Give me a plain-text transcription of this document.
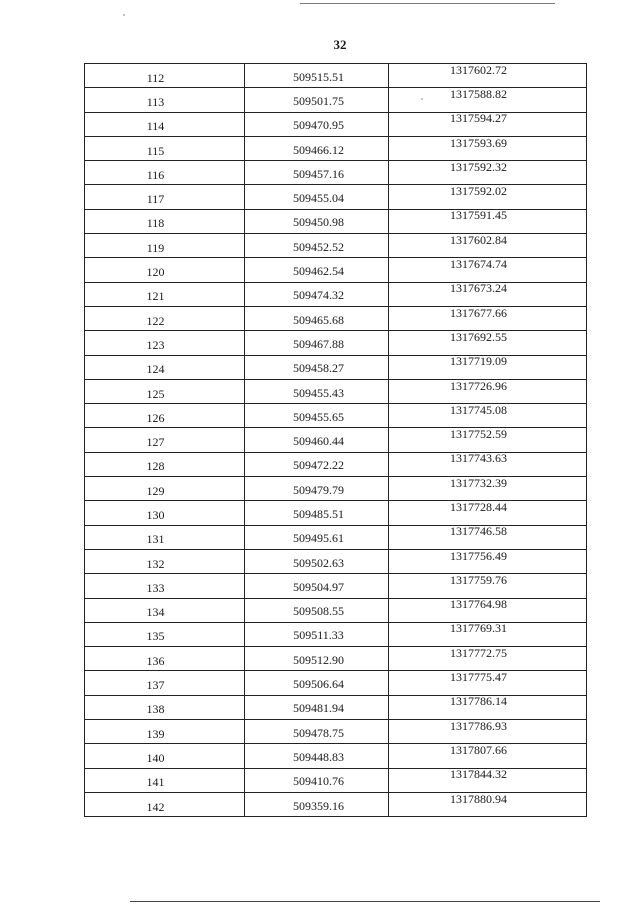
32
112	509515.51	1317602.72
113	509501.75	1317588.82
114	509470.95	1317594.27
115	509466.12	1317593.69
116	509457.16	1317592.32
117	509455.04	1317592.02
118	509450.98	1317591.45
119	509452.52	1317602.84
120	509462.54	1317674.74
121	509474.32	1317673.24
122	509465.68	1317677.66
123	509467.88	1317692.55
124	509458.27	1317719.09
125	509455.43	1317726.96
126	509455.65	1317745.08
127	509460.44	1317752.59
128	509472.22	1317743.63
129	509479.79	1317732.39
130	509485.51	1317728.44
131	509495.61	1317746.58
132	509502.63	1317756.49
133	509504.97	1317759.76
134	509508.55	1317764.98
135	509511.33	1317769.31
136	509512.90	1317772.75
137	509506.64	1317775.47
138	509481.94	1317786.14
139	509478.75	1317786.93
140	509448.83	1317807.66
141	509410.76	1317844.32
142	509359.16	1317880.94
